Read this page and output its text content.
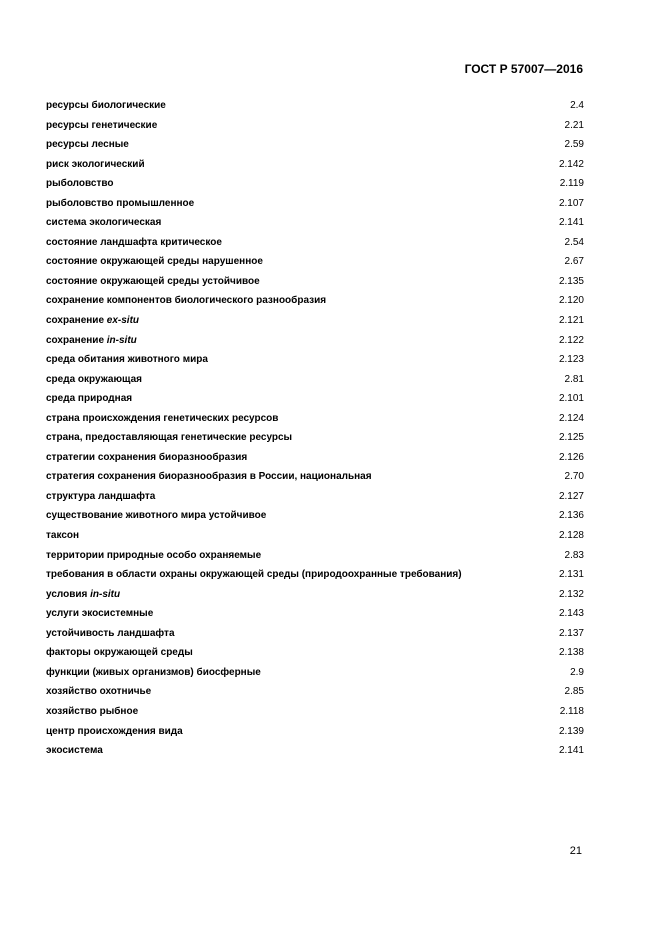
ГОСТ Р 57007—2016
ресурсы биологические	2.4
ресурсы генетические	2.21
ресурсы лесные	2.59
риск экологический	2.142
рыболовство	2.119
рыболовство промышленное	2.107
система экологическая	2.141
состояние ландшафта критическое	2.54
состояние окружающей среды нарушенное	2.67
состояние окружающей среды устойчивое	2.135
сохранение компонентов биологического разнообразия	2.120
сохранение ex-situ	2.121
сохранение in-situ	2.122
среда обитания животного мира	2.123
среда окружающая	2.81
среда природная	2.101
страна происхождения генетических ресурсов	2.124
страна, предоставляющая генетические ресурсы	2.125
стратегии сохранения биоразнообразия	2.126
стратегия сохранения биоразнообразия в России, национальная	2.70
структура ландшафта	2.127
существование животного мира устойчивое	2.136
таксон	2.128
территории природные особо охраняемые	2.83
требования в области охраны окружающей среды (природоохранные требования)	2.131
условия in-situ	2.132
услуги экосистемные	2.143
устойчивость ландшафта	2.137
факторы окружающей среды	2.138
функции (живых организмов) биосферные	2.9
хозяйство охотничье	2.85
хозяйство рыбное	2.118
центр происхождения вида	2.139
экосистема	2.141
21
